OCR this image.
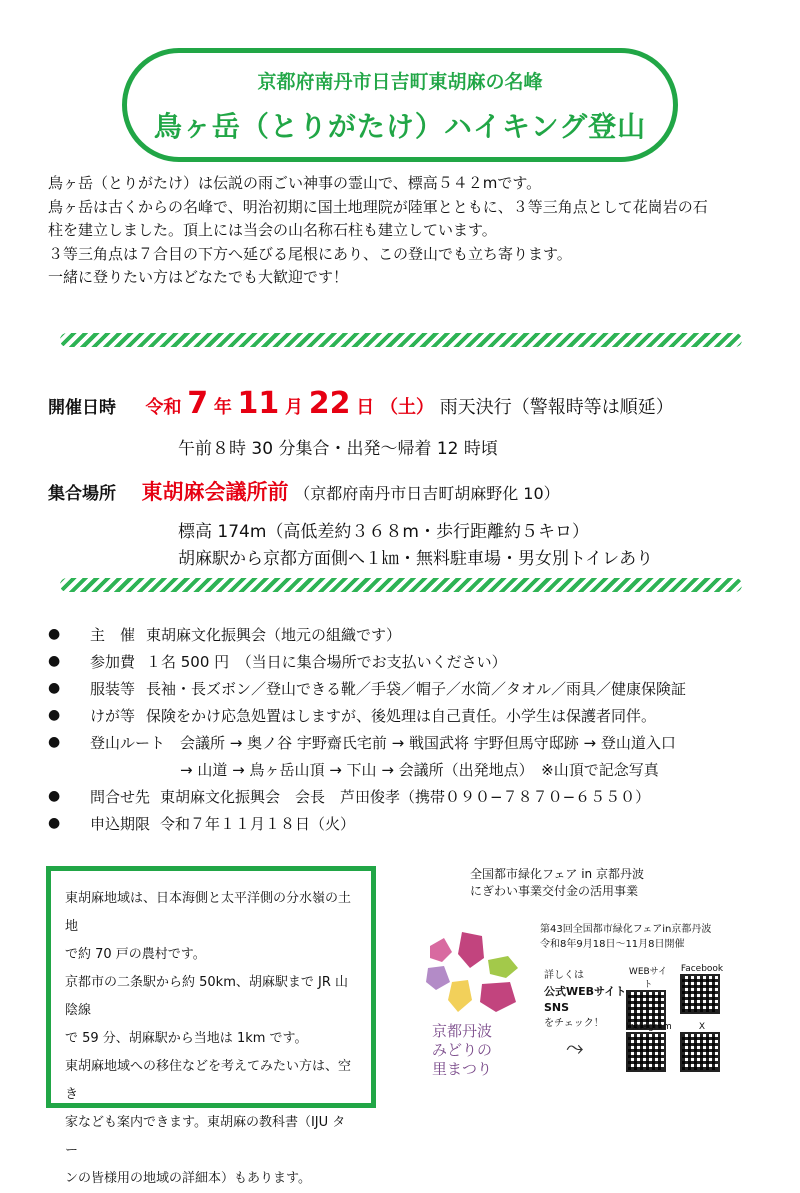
京都府南丹市日吉町東胡麻の名峰
鳥ヶ岳（とりがたけ）ハイキング登山

鳥ヶ岳（とりがたけ）は伝説の雨ごい神事の霊山で、標高５４２mです。

鳥ヶ岳は古くからの名峰で、明治初期に国土地理院が陸軍とともに、３等三角点として花崗岩の石

柱を建立しました。頂上には当会の山名称石柱も建立しています。

３等三角点は７合目の下方へ延びる尾根にあり、この登山でも立ち寄ります。

一緒に登りたい方はどなたでも大歓迎です！

開催日時 令和 7 年 11 月 22 日 （土） 雨天決行（警報時等は順延）
午前８時 30 分集合・出発〜帰着 12 時頃
集合場所 東胡麻会議所前 （京都府南丹市日吉町胡麻野化 10）
標高 174m（高低差約３６８m・歩行距離約５キロ）
胡麻駅から京都方面側へ１㎞・無料駐車場・男女別トイレあり
● 主　催 東胡麻文化振興会（地元の組織です）
● 参加費 １名 500 円　（当日に集合場所でお支払いください）
● 服装等 長袖・長ズボン／登山できる靴／手袋／帽子／水筒／タオル／雨具／健康保険証
● けが等 保険をかけ応急処置はしますが、後処理は自己責任。小学生は保護者同伴。
● 登山ルート 会議所 → 奥ノ谷 宇野齋氏宅前 → 戦国武将 宇野但馬守邸跡 → 登山道入口
→ 山道 → 鳥ヶ岳山頂 → 下山 → 会議所（出発地点）　※山頂で記念写真
● 問合せ先 東胡麻文化振興会　会長　芦田俊孝（携帯０９０−７８７０−６５５０）
● 申込期限 令和７年１１月１８日（火）

東胡麻地域は、日本海側と太平洋側の分水嶺の土地

で約 70 戸の農村です。

京都市の二条駅から約 50km、胡麻駅まで JR 山陰線

で 59 分、胡麻駅から当地は 1km です。

東胡麻地域への移住などを考えてみたい方は、空き

家なども案内できます。東胡麻の教科書（IJU ター

ンの皆様用の地域の詳細本）もあります。

全国都市緑化フェア in 京都丹波
にぎわい事業交付金の活用事業
第43回全国都市緑化フェアin京都丹波
令和8年9月18日〜11月8日開催
京都丹波
みどりの
里まつり
詳しくは
公式WEBサイト
SNS
をチェック！
⤳
WEBサイト
Facebook
Instagram	X
